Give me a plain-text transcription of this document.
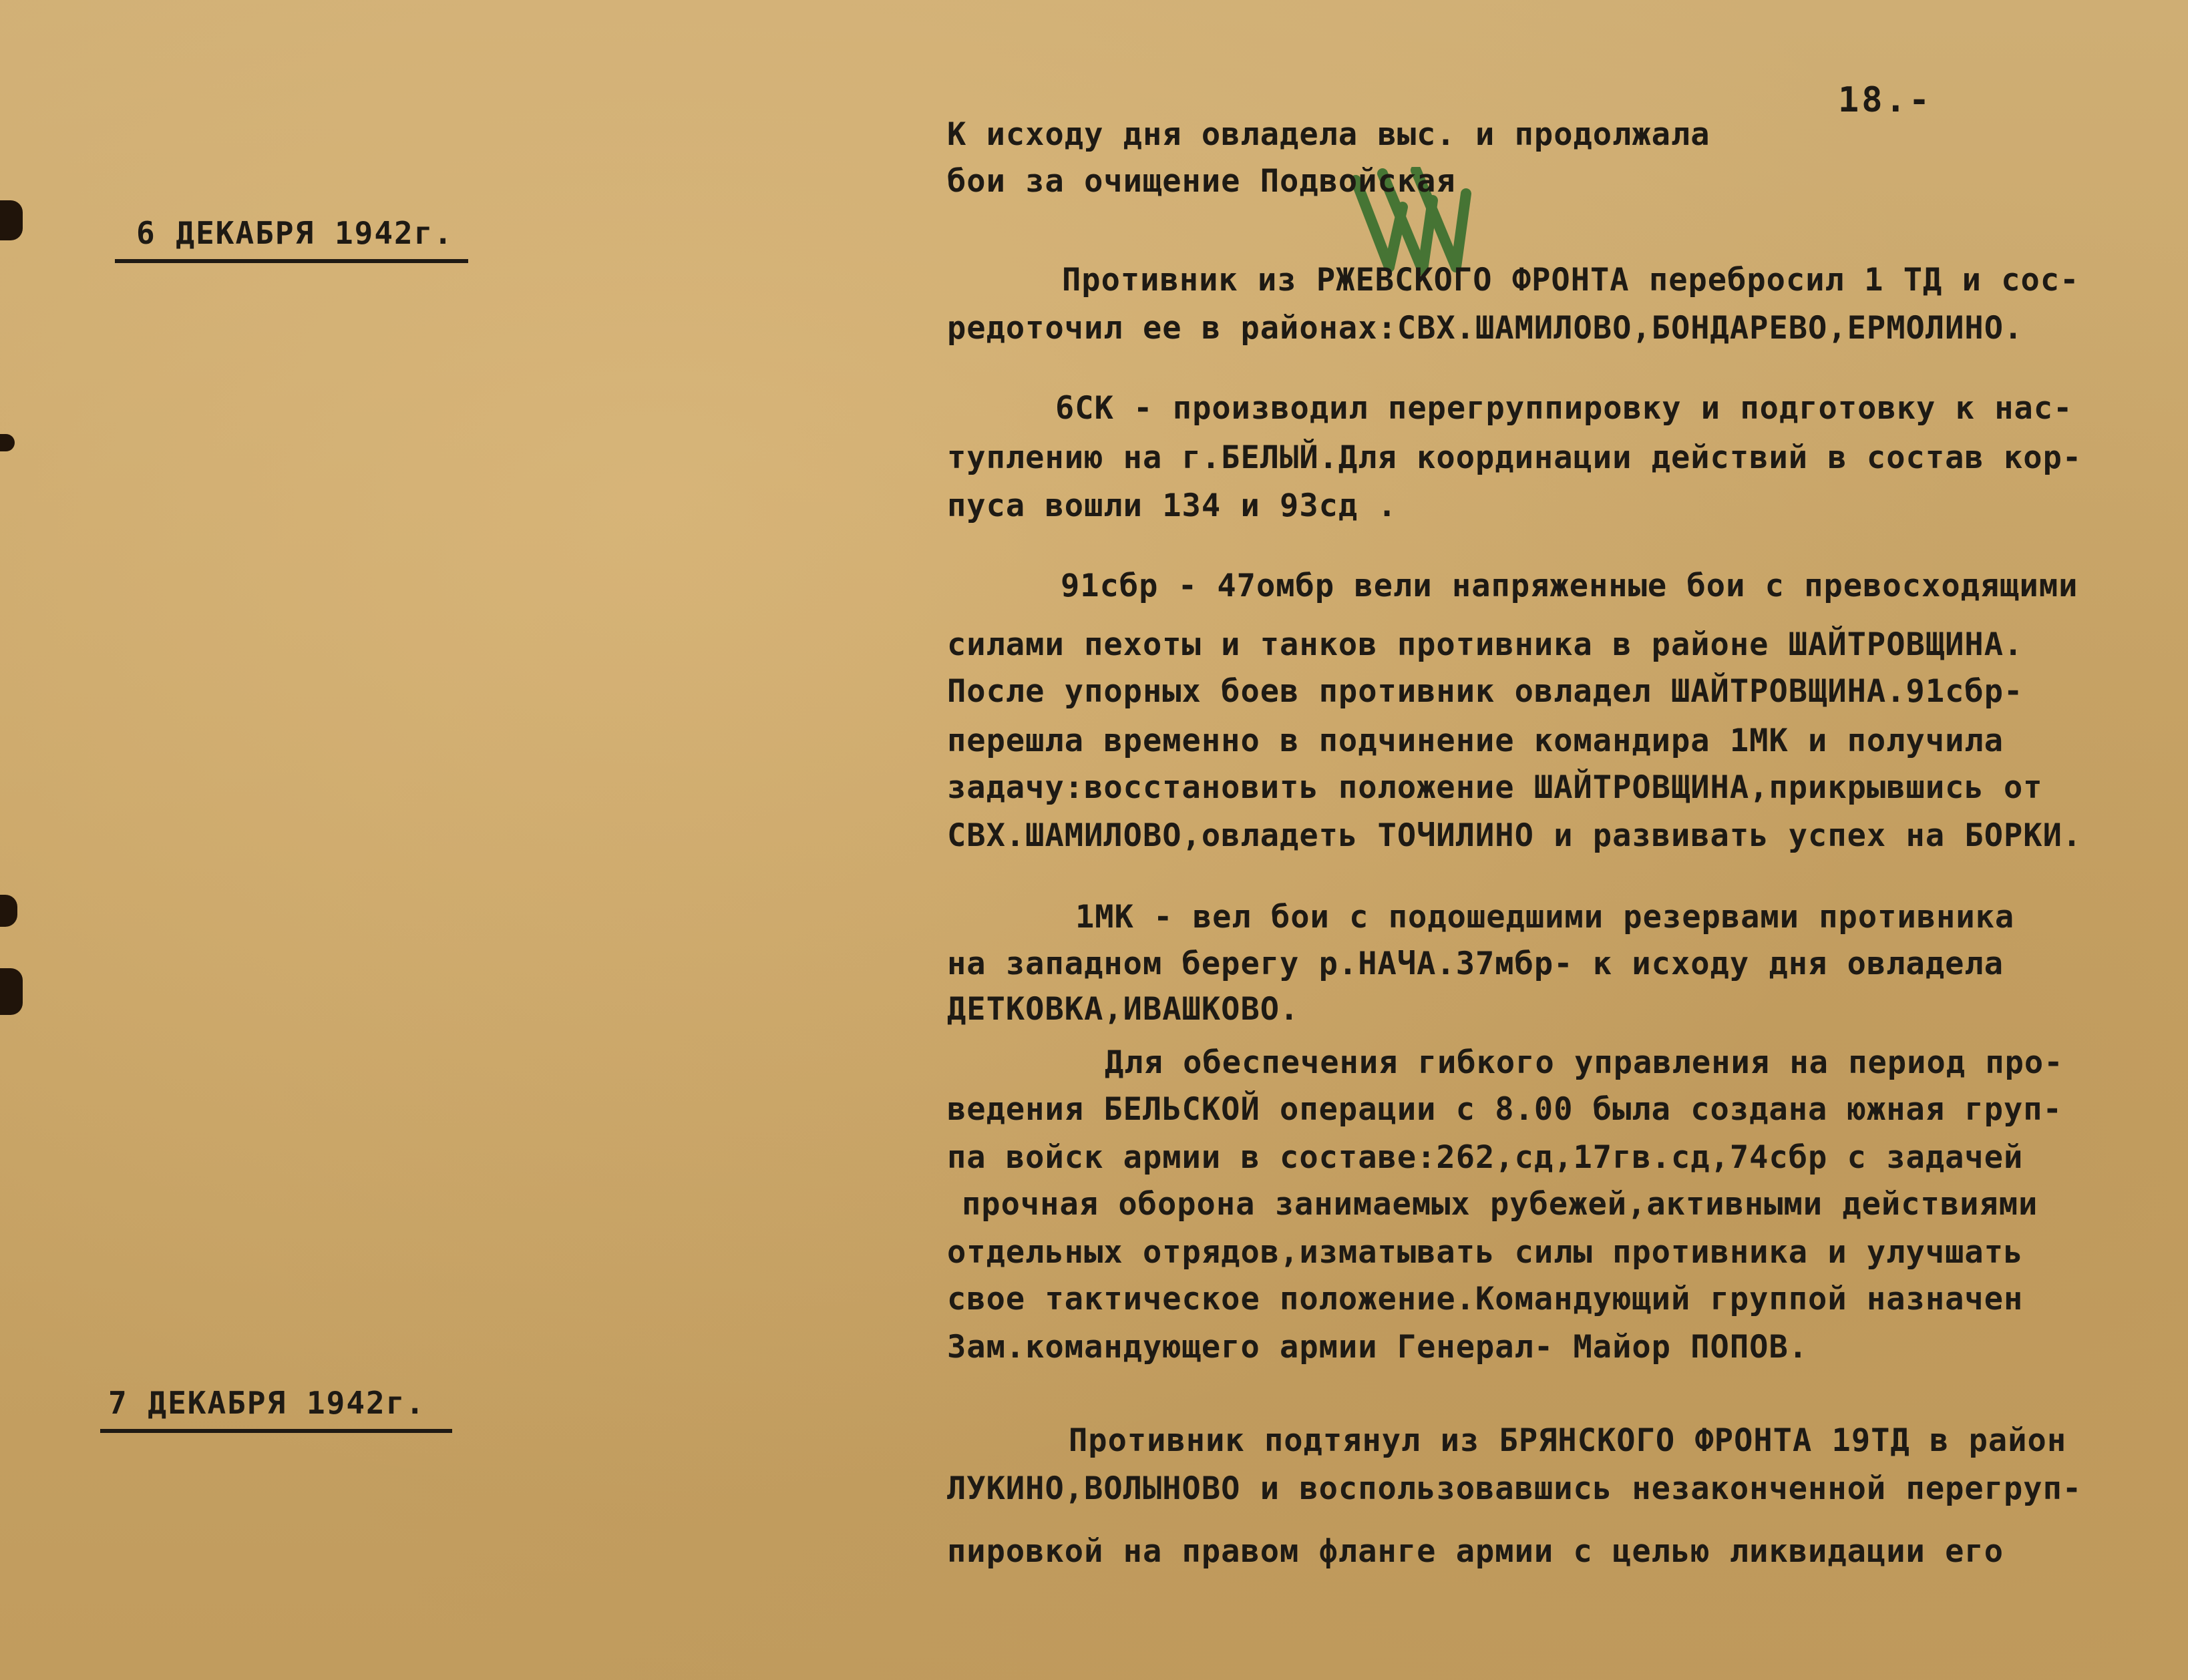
18.-
6 ДЕКАБРЯ 1942г.
7 ДЕКАБРЯ 1942г.
К исходу дня овладела выс. и продолжала
бои за очищение Подвойская
Противник из РЖЕВСКОГО ФРОНТА перебросил 1 ТД и сос-
редоточил ее в районах:СВХ.ШАМИЛОВО,БОНДАРЕВО,ЕРМОЛИНО.
6СК - производил перегруппировку и подготовку к нас-
туплению на г.БЕЛЫЙ.Для координации действий в состав кор-
пуса вошли 134 и 93сд .
91сбр - 47омбр вели напряженные бои с превосходящими
силами пехоты и танков противника в районе ШАЙТРОВЩИНА.
После упорных боев противник овладел ШАЙТРОВЩИНА.91сбр-
перешла временно в подчинение командира 1МК и получила
задачу:восстановить положение ШАЙТРОВЩИНА,прикрывшись от
СВХ.ШАМИЛОВО,овладеть ТОЧИЛИНО и развивать успех на БОРКИ.
1МК - вел бои с подошедшими резервами противника
на западном берегу р.НАЧА.37мбр- к исходу дня овладела
ДЕТКОВКА,ИВАШКОВО.
Для обеспечения гибкого управления на период про-
ведения БЕЛЬСКОЙ операции с 8.00 была создана южная груп-
па войск армии в составе:262,сд,17гв.сд,74сбр с задачей
прочная оборона занимаемых рубежей,активными действиями
отдельных отрядов,изматывать силы противника и улучшать
свое тактическое положение.Командующий группой назначен
Зам.командующего армии Генерал- Майор ПОПОВ.
Противник подтянул из БРЯНСКОГО ФРОНТА 19ТД в район
ЛУКИНО,ВОЛЫНОВО и воспользовавшись незаконченной перегруп-
пировкой на правом фланге армии с целью ликвидации его
